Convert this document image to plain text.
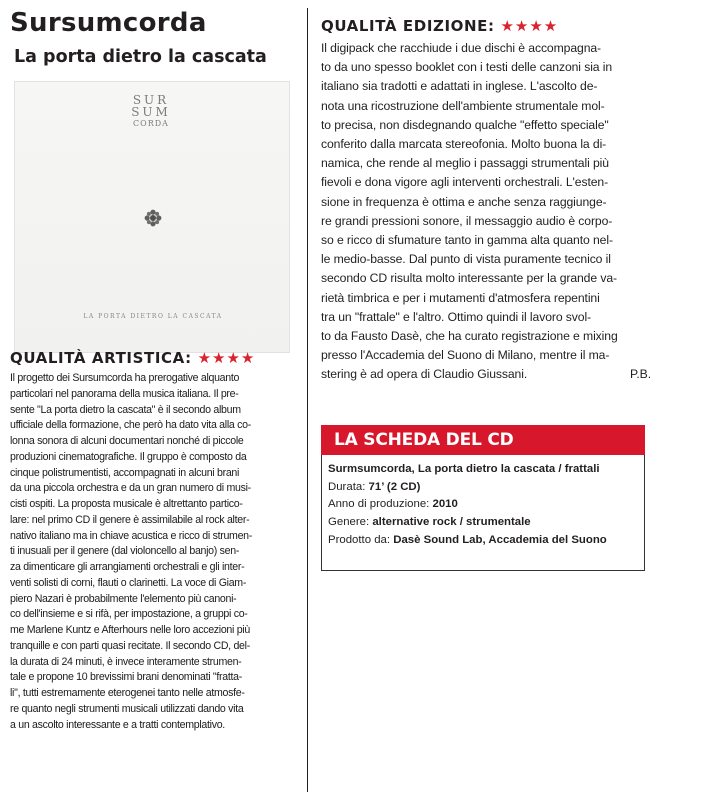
Sursumcorda
La porta dietro la cascata
SUR
SUM
CORDA
LA PORTA DIETRO LA CASCATA
QUALITÀ ARTISTICA: ★★★★
Il progetto dei Sursumcorda ha prerogative alquanto
particolari nel panorama della musica italiana. Il pre-
sente "La porta dietro la cascata" è il secondo album
ufficiale della formazione, che però ha dato vita alla co-
lonna sonora di alcuni documentari nonché di piccole
produzioni cinematografiche. Il gruppo è composto da
cinque polistrumentisti, accompagnati in alcuni brani
da una piccola orchestra e da un gran numero di musi-
cisti ospiti. La proposta musicale è altrettanto partico-
lare: nel primo CD il genere è assimilabile al rock alter-
nativo italiano ma in chiave acustica e ricco di strumen-
ti inusuali per il genere (dal violoncello al banjo) sen-
za dimenticare gli arrangiamenti orchestrali e gli inter-
venti solisti di corni, flauti o clarinetti. La voce di Giam-
piero Nazari è probabilmente l'elemento più canoni-
co dell'insieme e si rifà, per impostazione, a gruppi co-
me Marlene Kuntz e Afterhours nelle loro accezioni più
tranquille e con parti quasi recitate. Il secondo CD, del-
la durata di 24 minuti, è invece interamente strumen-
tale e propone 10 brevissimi brani denominati "fratta-
li", tutti estremamente eterogenei tanto nelle atmosfe-
re quanto negli strumenti musicali utilizzati dando vita
a un ascolto interessante e a tratti contemplativo.
QUALITÀ EDIZIONE: ★★★★
Il digipack che racchiude i due dischi è accompagna-
to da uno spesso booklet con i testi delle canzoni sia in
italiano sia tradotti e adattati in inglese. L'ascolto de-
nota una ricostruzione dell'ambiente strumentale mol-
to precisa, non disdegnando qualche "effetto speciale"
conferito dalla marcata stereofonia. Molto buona la di-
namica, che rende al meglio i passaggi strumentali più
fievoli e dona vigore agli interventi orchestrali. L'esten-
sione in frequenza è ottima e anche senza raggiunge-
re grandi pressioni sonore, il messaggio audio è corpo-
so e ricco di sfumature tanto in gamma alta quanto nel-
le medio-basse. Dal punto di vista puramente tecnico il
secondo CD risulta molto interessante per la grande va-
rietà timbrica e per i mutamenti d'atmosfera repentini
tra un "frattale" e l'altro. Ottimo quindi il lavoro svol-
to da Fausto Dasè, che ha curato registrazione e mixing
presso l'Accademia del Suono di Milano, mentre il ma-
stering è ad opera di Claudio Giussani.	P.B.
LA SCHEDA DEL CD
Surmsumcorda, La porta dietro la cascata / frattali
Durata: 71’ (2 CD)
Anno di produzione: 2010
Genere: alternative rock / strumentale
Prodotto da: Dasè Sound Lab, Accademia del Suono
